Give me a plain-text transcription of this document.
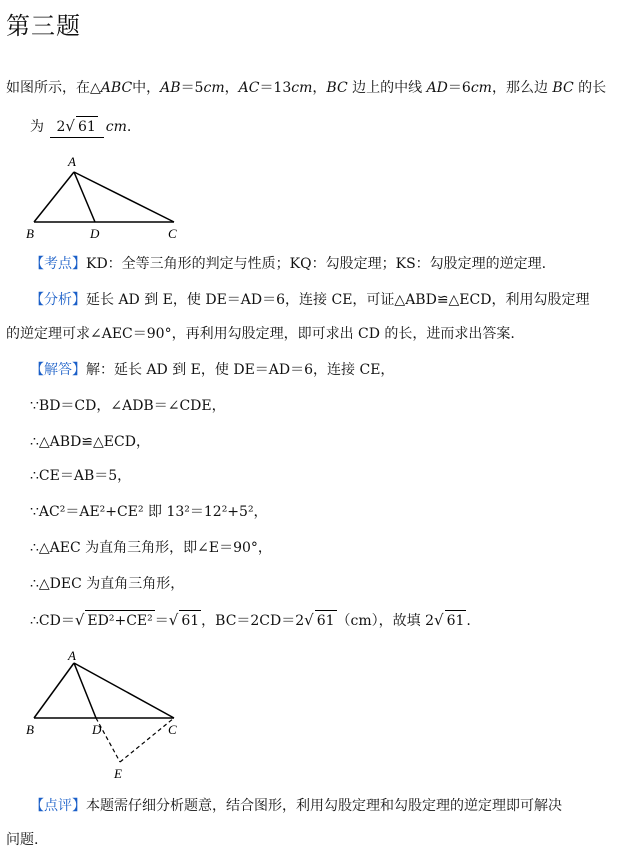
第三题
如图所示，在△ABC中，AB＝5cm，AC＝13cm，BC 边上的中线 AD＝6cm，那么边 BC 的长
为 2√ 61 cm.
A
B	D	C
【考点】KD：全等三角形的判定与性质；KQ：勾股定理；KS：勾股定理的逆定理.
【分析】延长 AD 到 E，使 DE＝AD＝6，连接 CE，可证△ABD≌△ECD，利用勾股定理
的逆定理可求∠AEC＝90°，再利用勾股定理，即可求出 CD 的长，进而求出答案.
【解答】解：延长 AD 到 E，使 DE＝AD＝6，连接 CE，
∵BD＝CD，∠ADB＝∠CDE，
∴△ABD≌△ECD，
∴CE＝AB＝5，
∵AC²＝AE²+CE² 即 13²＝12²+5²，
∴△AEC 为直角三角形，即∠E＝90°，
∴△DEC 为直角三角形，
∴CD＝√ ED²+CE² ＝√ 61 ，BC＝2CD＝2√ 61 （cm），故填 2√ 61 .
A
B	D	C
E
【点评】本题需仔细分析题意，结合图形，利用勾股定理和勾股定理的逆定理即可解决
问题.
